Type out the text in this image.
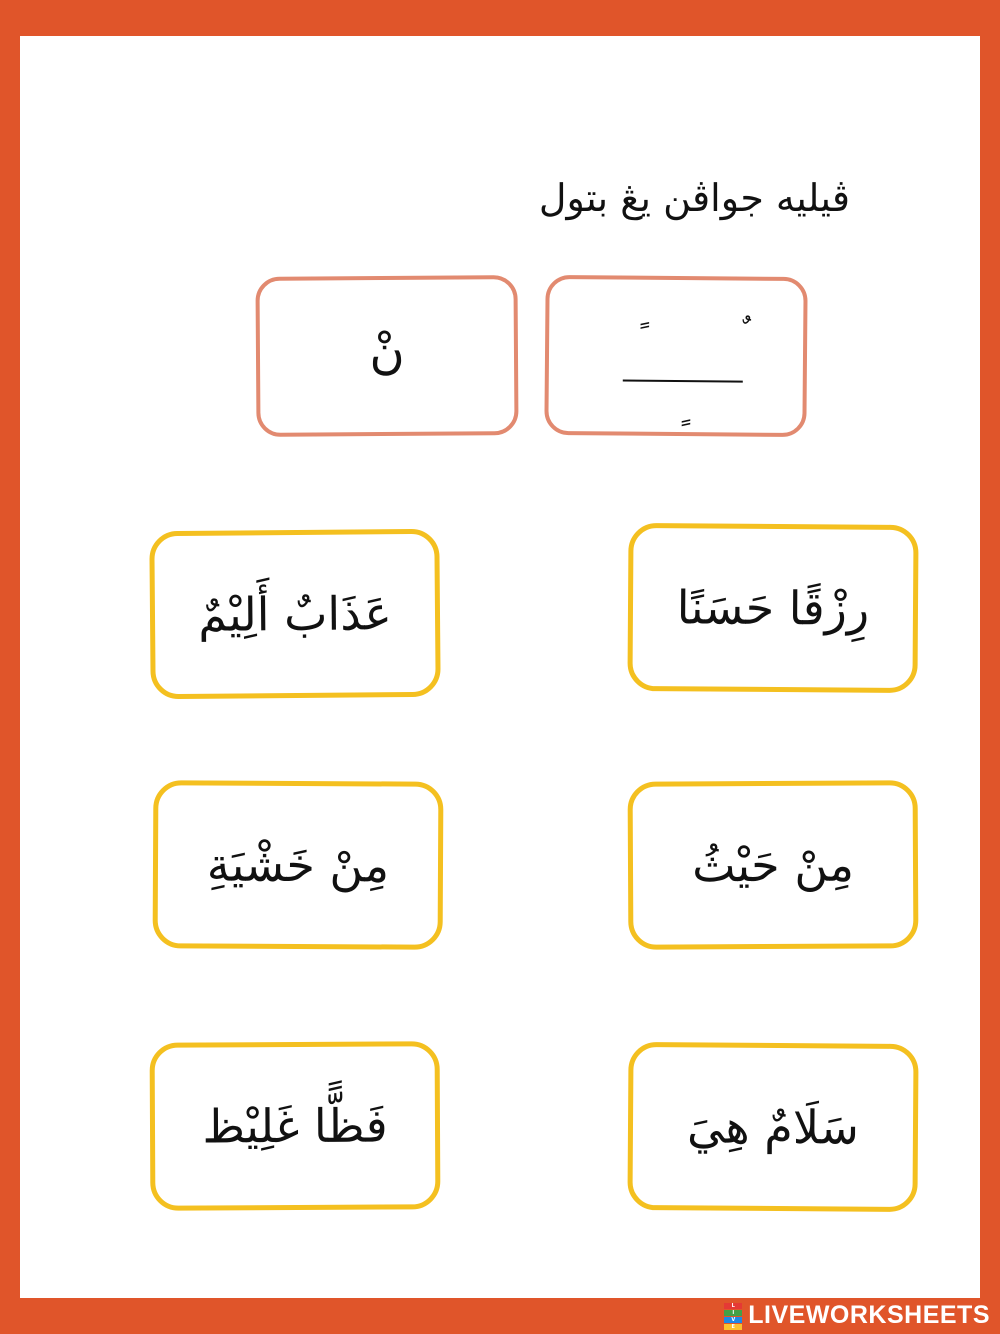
ڤيليه جواڤن يڠ بتول
نْ	ً	ٌ
ٍ
عَذَابٌ أَلِيْمٌ	رِزْقًا حَسَنًا
مِنْ خَشْيَةِ	مِنْ حَيْثُ
فَظًّا غَلِيْظ	سَلَامٌ هِيَ
L
I
V
E LIVEWORKSHEETS
